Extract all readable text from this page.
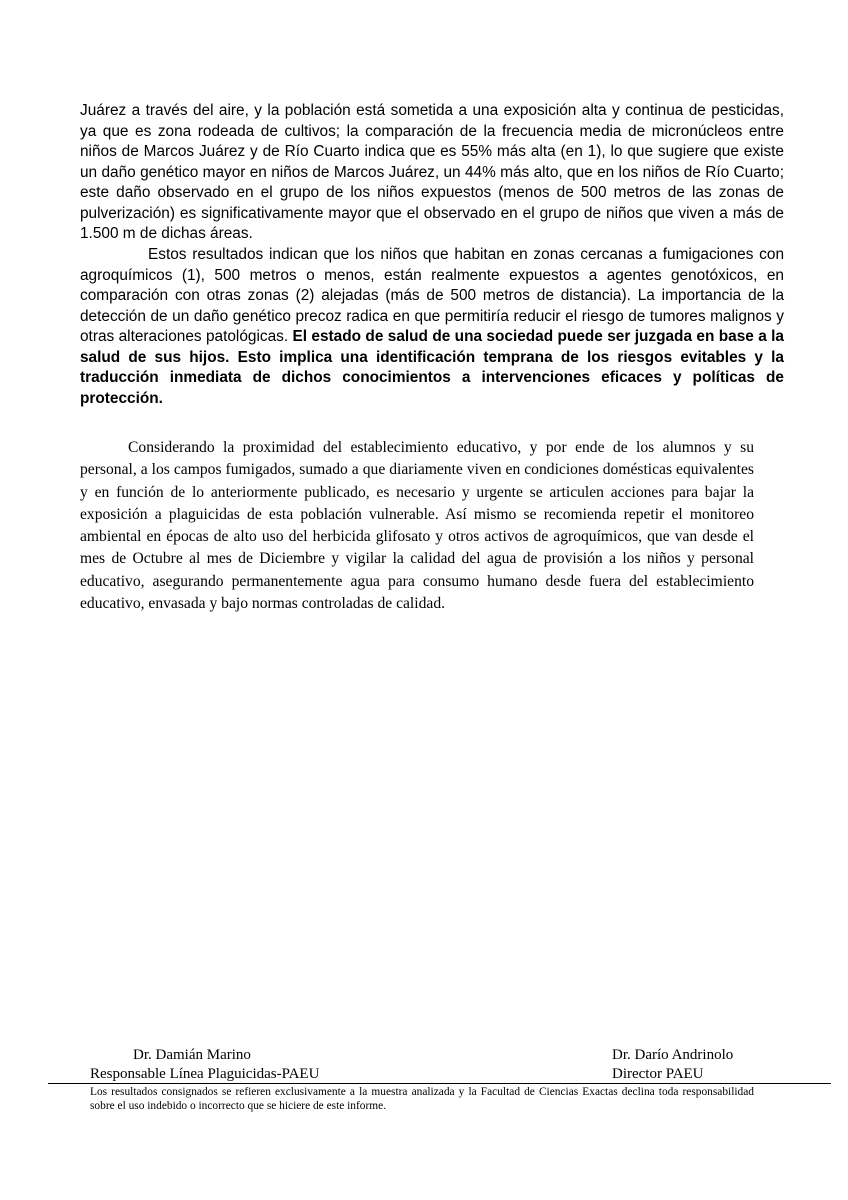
Juárez a través del aire, y la población está sometida a una exposición alta y continua de pesticidas, ya que es zona rodeada de cultivos; la comparación de la frecuencia media de micronúcleos entre niños de Marcos Juárez y de Río Cuarto indica que es 55% más alta (en 1), lo que sugiere que existe un daño genético mayor en niños de Marcos Juárez, un 44% más alto, que en los niños de Río Cuarto; este daño observado en el grupo de los niños expuestos (menos de 500 metros de las zonas de pulverización) es significativamente mayor que el observado en el grupo de niños que viven a más de 1.500 m de dichas áreas.
Estos resultados indican que los niños que habitan en zonas cercanas a fumigaciones con agroquímicos (1), 500 metros o menos, están realmente expuestos a agentes genotóxicos, en comparación con otras zonas (2) alejadas (más de 500 metros de distancia). La importancia de la detección de un daño genético precoz radica en que permitiría reducir el riesgo de tumores malignos y otras alteraciones patológicas. El estado de salud de una sociedad puede ser juzgada en base a la salud de sus hijos. Esto implica una identificación temprana de los riesgos evitables y la traducción inmediata de dichos conocimientos a intervenciones eficaces y políticas de protección.
Considerando la proximidad del establecimiento educativo, y por ende de los alumnos y su personal, a los campos fumigados, sumado a que diariamente viven en condiciones domésticas equivalentes y en función de lo anteriormente publicado, es necesario y urgente se articulen acciones para bajar la exposición a plaguicidas de esta población vulnerable. Así mismo se recomienda repetir el monitoreo ambiental en épocas de alto uso del herbicida glifosato y otros activos de agroquímicos, que van desde el mes de Octubre al mes de Diciembre y vigilar la calidad del agua de provisión a los niños y personal educativo, asegurando permanentemente agua para consumo humano desde fuera del establecimiento educativo, envasada y bajo normas controladas de calidad.
Dr. Damián Marino
Responsable Línea Plaguicidas-PAEU
Dr. Darío Andrinolo
Director PAEU
Los resultados consignados se refieren exclusivamente a la muestra analizada y la Facultad de Ciencias Exactas declina toda responsabilidad sobre el uso indebido o incorrecto que se hiciere de este informe.
